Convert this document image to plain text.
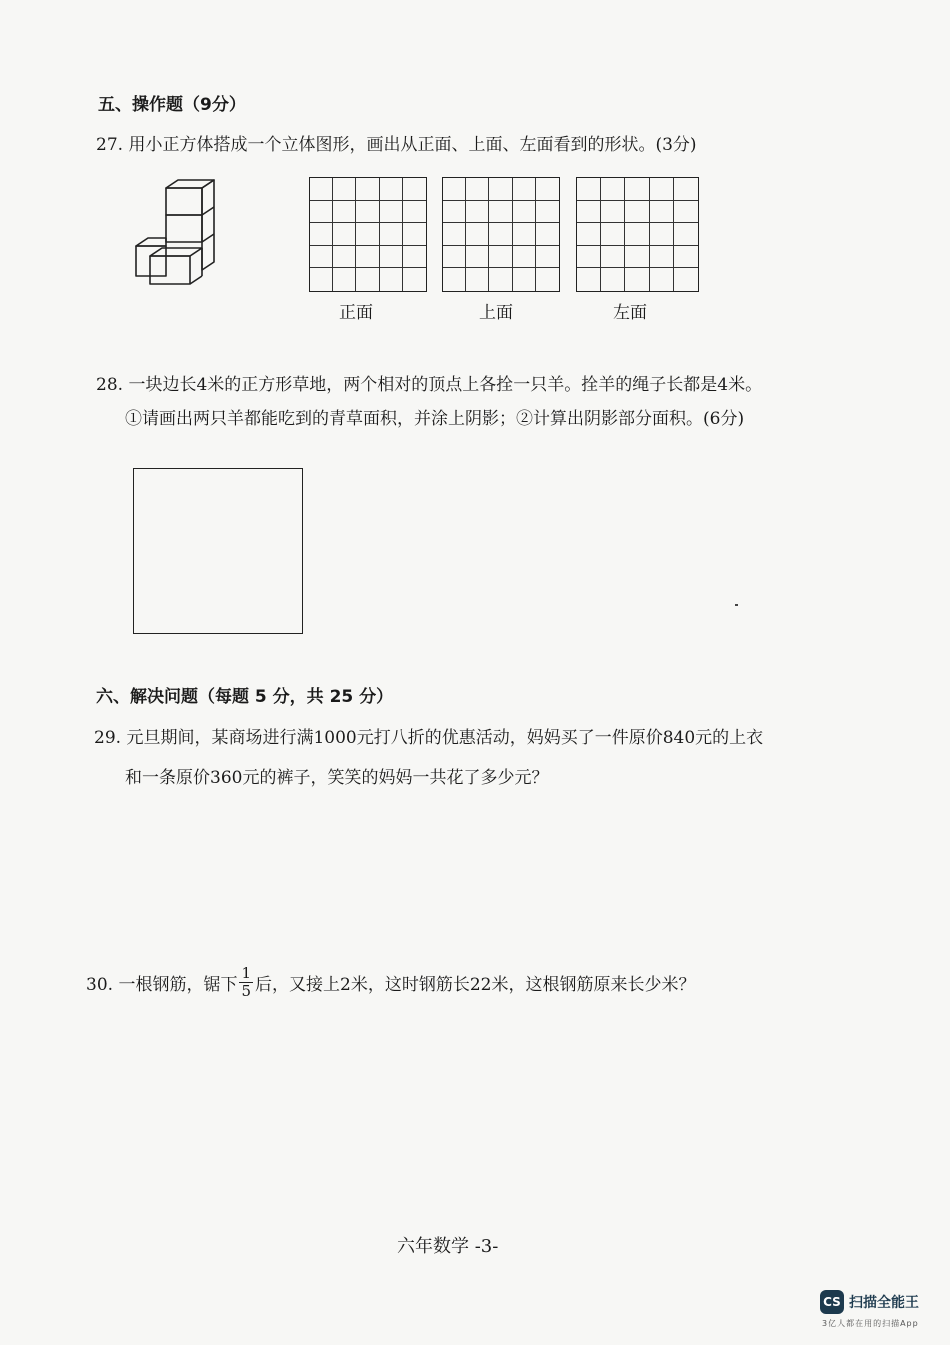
五、操作题（9分）
27. 用小正方体搭成一个立体图形，画出从正面、上面、左面看到的形状。(3分)
正面	上面	左面
28. 一块边长4米的正方形草地，两个相对的顶点上各拴一只羊。拴羊的绳子长都是4米。
①请画出两只羊都能吃到的青草面积，并涂上阴影；②计算出阴影部分面积。(6分)
六、解决问题（每题 5 分，共 25 分）
29. 元旦期间，某商场进行满1000元打八折的优惠活动，妈妈买了一件原价840元的上衣
和一条原价360元的裤子，笑笑的妈妈一共花了多少元？
30. 一根钢筋，锯下 $\frac{1}{5}$ 后，又接上2米，这时钢筋长22米，这根钢筋原来长少米？
六年数学 -3-
CS 扫描全能王
3亿人都在用的扫描App
